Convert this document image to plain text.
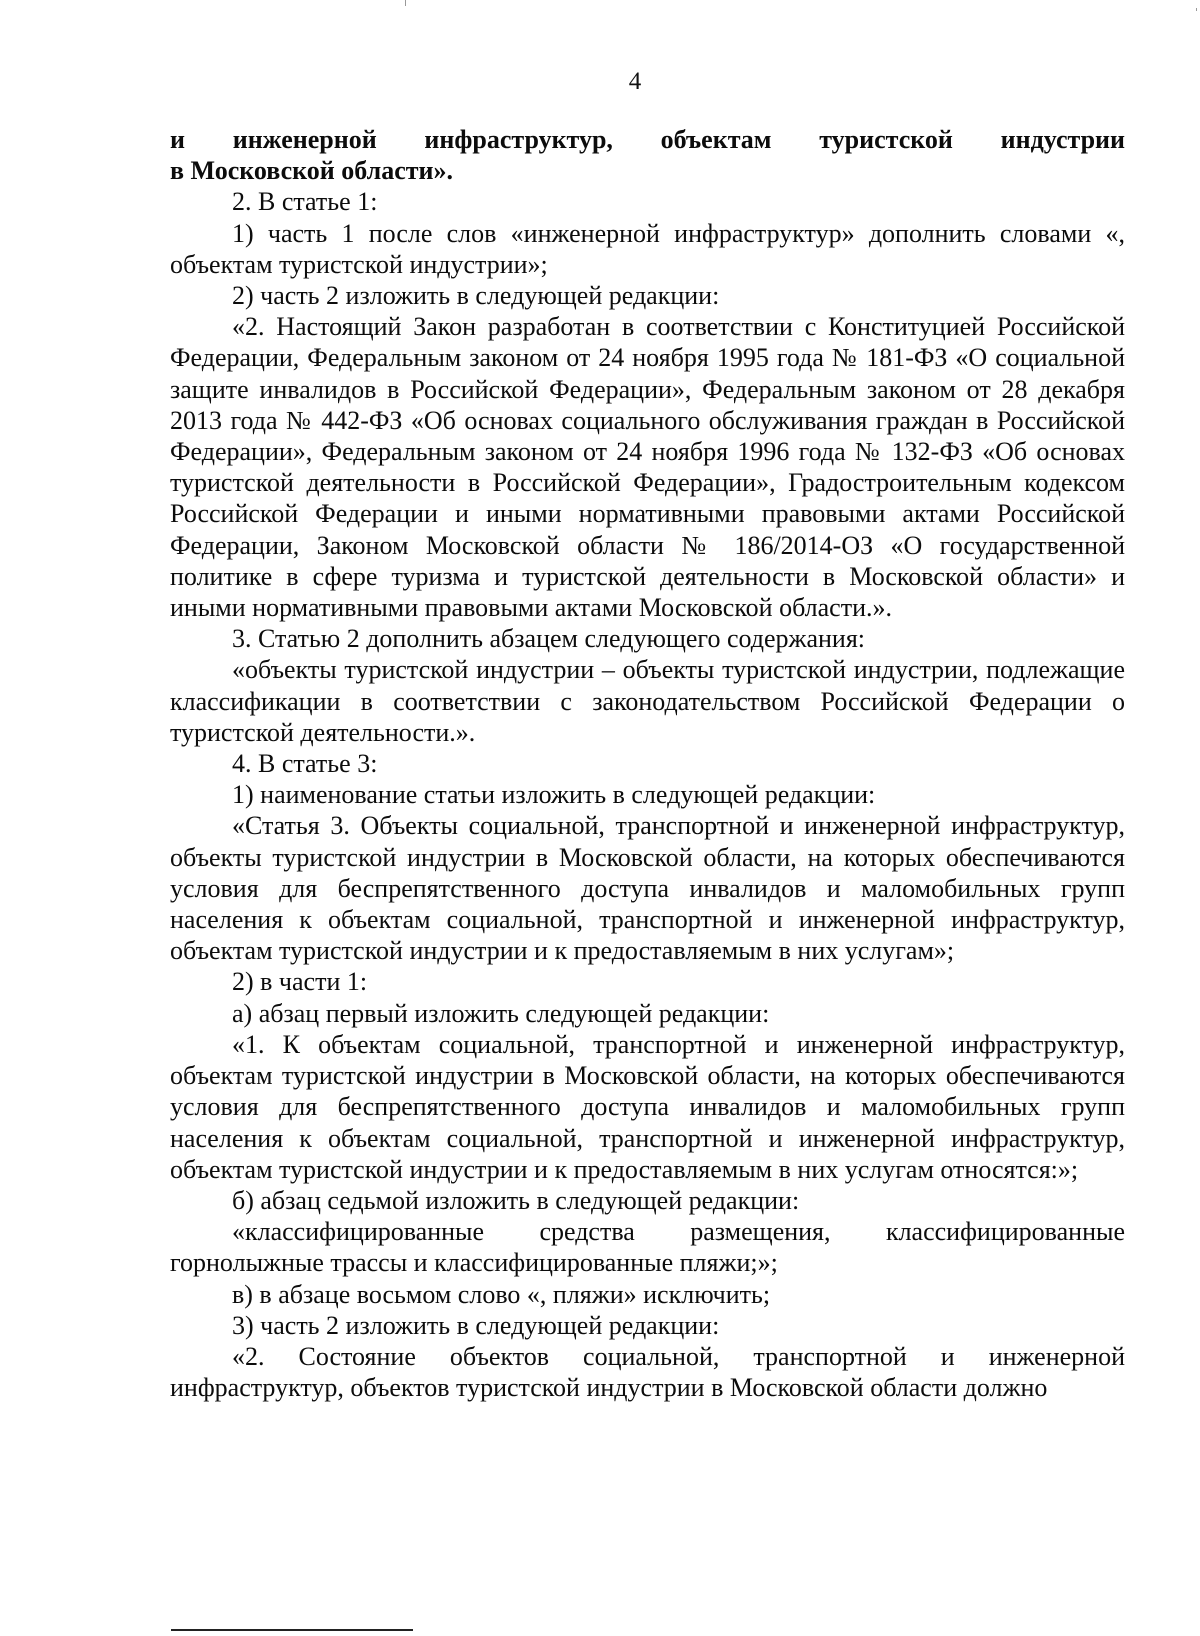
4

и инженерной инфраструктур, объектам туристской индустрии
в Московской области».

2. В статье 1:

1) часть 1 после слов «инженерной инфраструктур» дополнить словами «, объектам туристской индустрии»;

2) часть 2 изложить в следующей редакции:

«2. Настоящий Закон разработан в соответствии с Конституцией Российской Федерации, Федеральным законом от 24 ноября 1995 года № 181-ФЗ «О социальной защите инвалидов в Российской Федерации», Федеральным законом от 28 декабря 2013 года № 442-ФЗ «Об основах социального обслуживания граждан в Российской Федерации», Федеральным законом от 24 ноября 1996 года № 132-ФЗ «Об основах туристской деятельности в Российской Федерации», Градостроительным кодексом Российской Федерации и иными нормативными правовыми актами Российской Федерации, Законом Московской области № 186/2014-ОЗ «О государственной политике в сфере туризма и туристской деятельности в Московской области» и иными нормативными правовыми актами Московской области.».

3. Статью 2 дополнить абзацем следующего содержания:

«объекты туристской индустрии – объекты туристской индустрии, подлежащие классификации в соответствии с законодательством Российской Федерации о туристской деятельности.».

4. В статье 3:

1) наименование статьи изложить в следующей редакции:

«Статья 3. Объекты социальной, транспортной и инженерной инфраструктур, объекты туристской индустрии в Московской области, на которых обеспечиваются условия для беспрепятственного доступа инвалидов и маломобильных групп населения к объектам социальной, транспортной и инженерной инфраструктур, объектам туристской индустрии и к предоставляемым в них услугам»;

2) в части 1:

а) абзац первый изложить следующей редакции:

«1. К объектам социальной, транспортной и инженерной инфраструктур, объектам туристской индустрии в Московской области, на которых обеспечиваются условия для беспрепятственного доступа инвалидов и маломобильных групп населения к объектам социальной, транспортной и инженерной инфраструктур, объектам туристской индустрии и к предоставляемым в них услугам относятся:»;

б) абзац седьмой изложить в следующей редакции:

«классифицированные средства размещения, классифицированные горнолыжные трассы и классифицированные пляжи;»;

в) в абзаце восьмом слово «, пляжи» исключить;

3) часть 2 изложить в следующей редакции:

«2. Состояние объектов социальной, транспортной и инженерной инфраструктур, объектов туристской индустрии в Московской области должно
